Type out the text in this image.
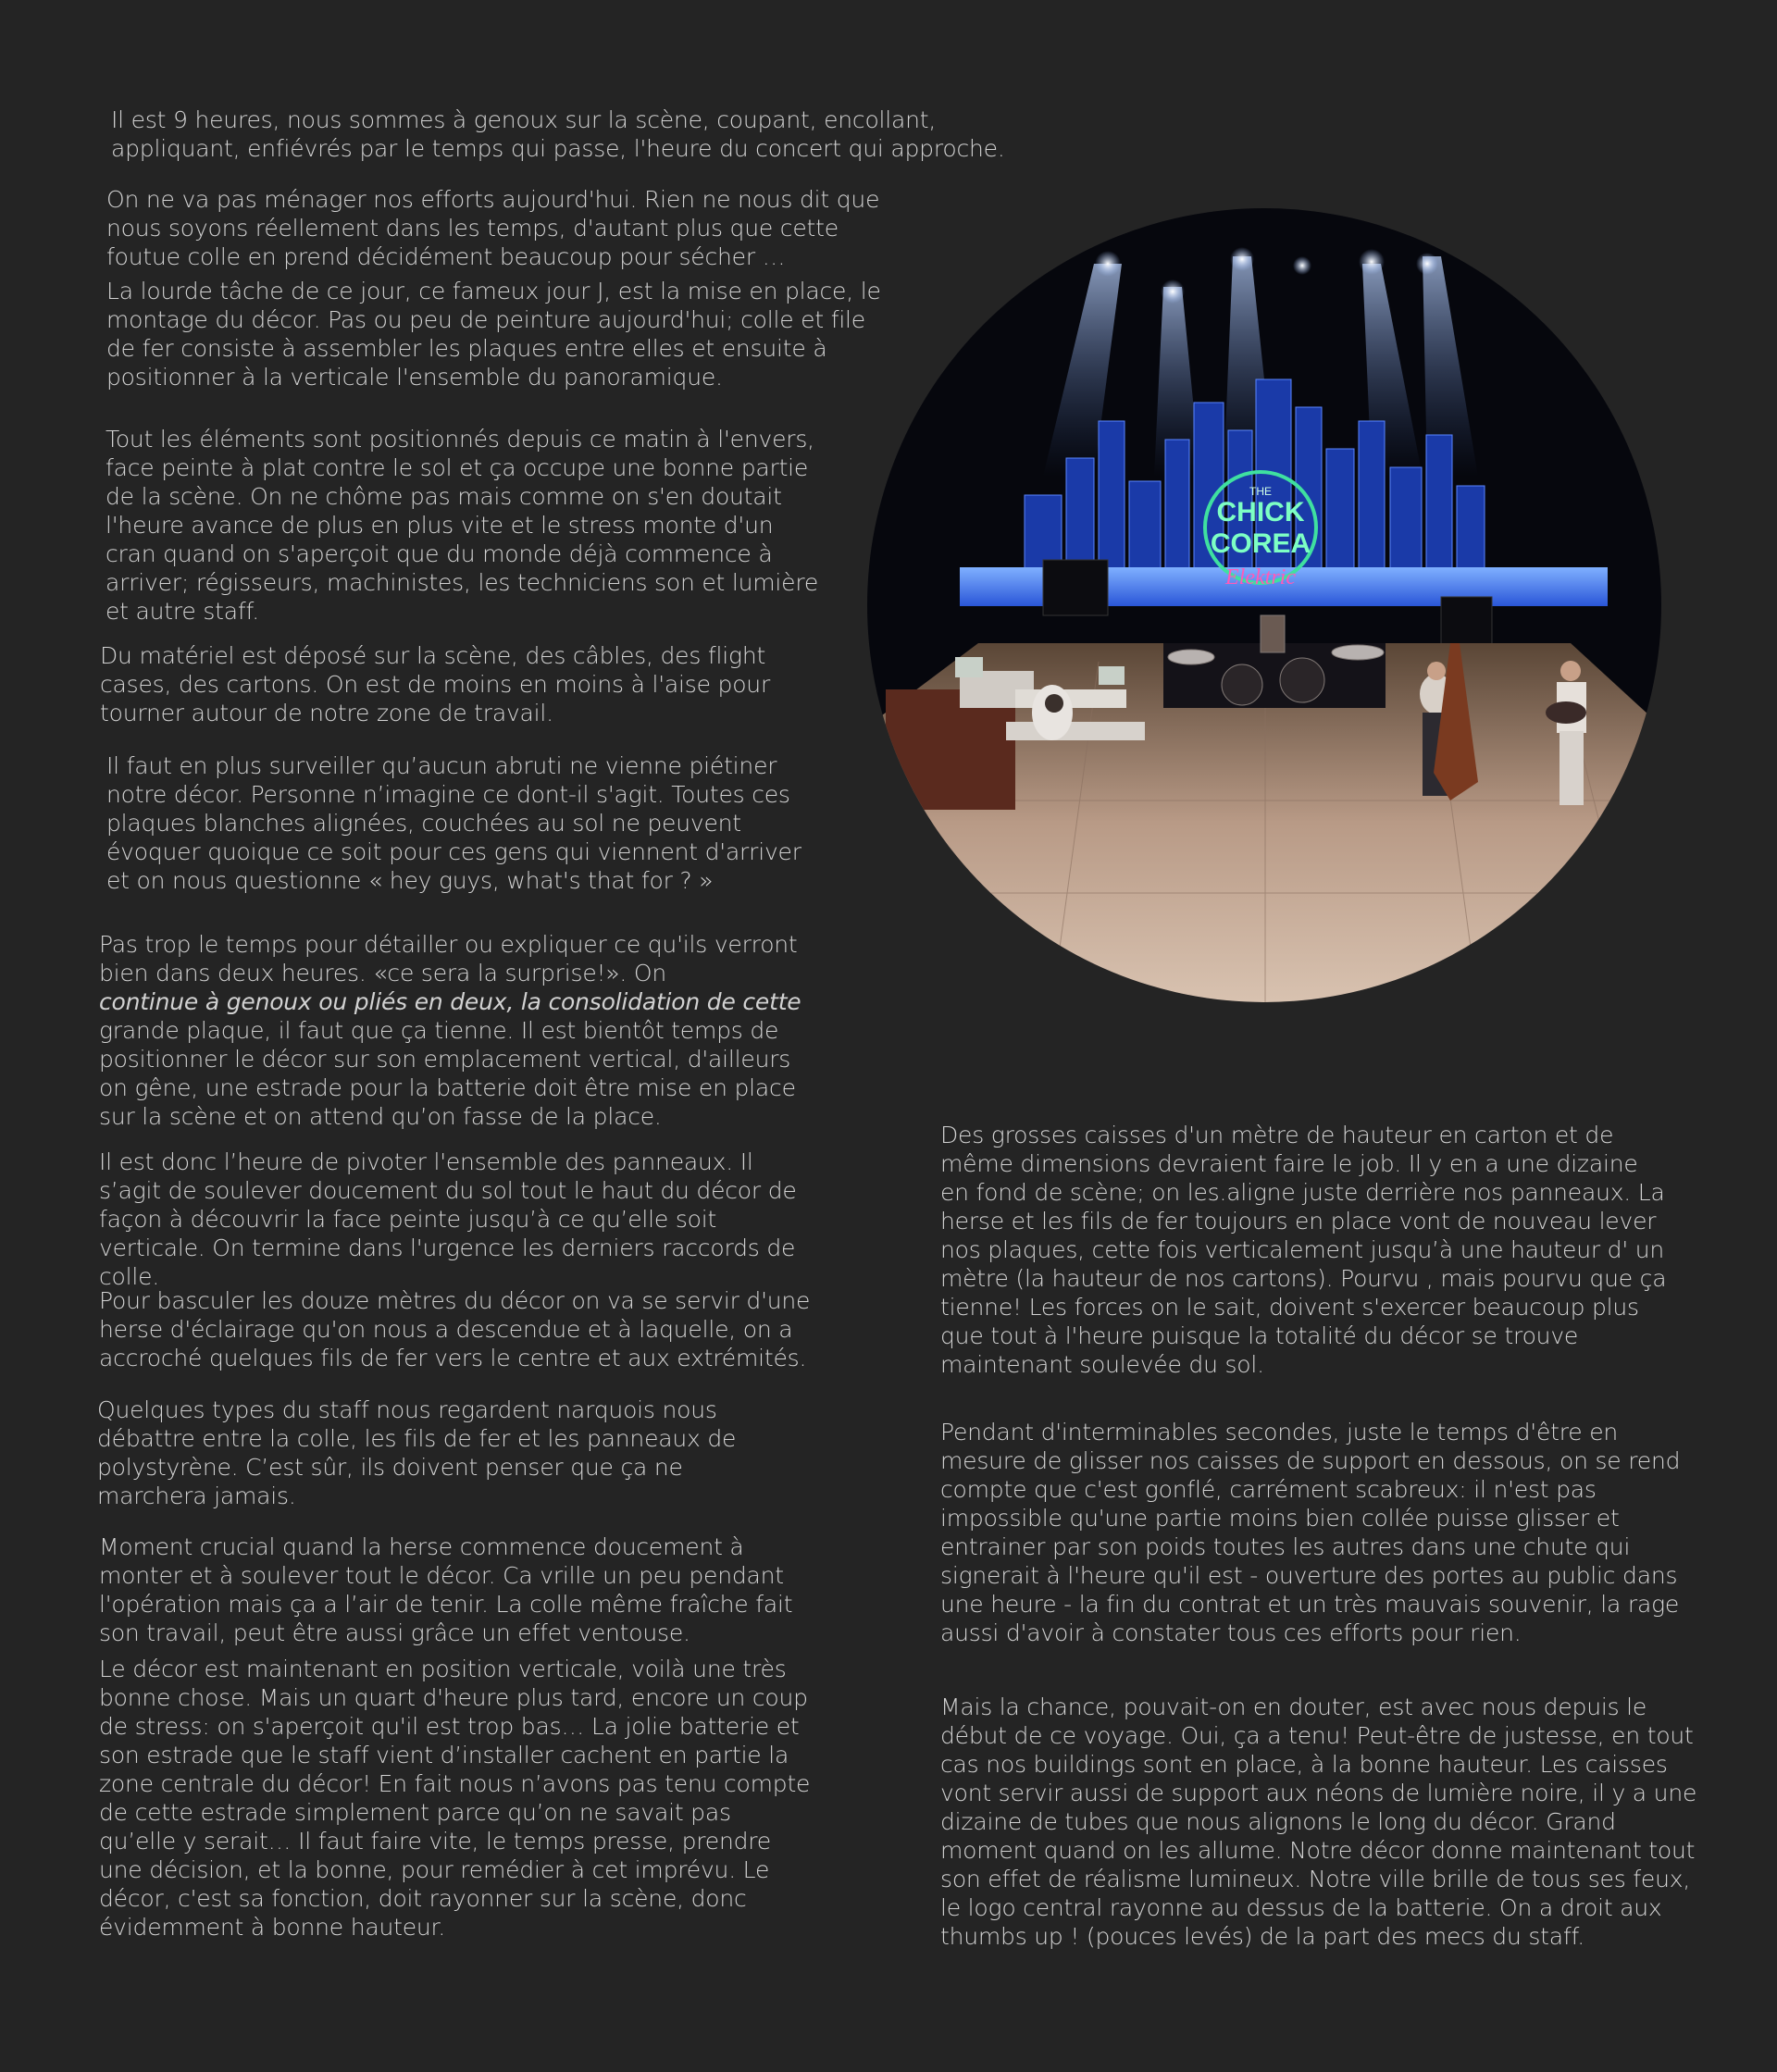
Il est 9 heures, nous sommes à genoux sur la scène, coupant, encollant, appliquant, enfiévrés par le temps qui passe, l'heure du concert qui approche.

On ne va pas ménager nos efforts aujourd'hui. Rien ne nous dit que nous soyons réellement dans les temps, d'autant plus que cette foutue colle en prend décidément beaucoup pour sécher …

La lourde tâche de ce jour, ce fameux jour J, est la mise en place, le montage du décor. Pas ou peu de peinture aujourd'hui; colle et file de fer consiste à assembler les plaques entre elles et ensuite à positionner à la verticale l'ensemble du panoramique.

Tout les éléments sont positionnés depuis ce matin à l'envers, face peinte à plat contre le sol et ça occupe une bonne partie de la scène. On ne chôme pas mais comme on s'en doutait l'heure avance de plus en plus vite et le stress monte d'un cran quand on s'aperçoit que du monde déjà commence à arriver; régisseurs, machinistes, les techniciens son et lumière et autre staff.

Du matériel est déposé sur la scène, des câbles, des flight cases, des cartons. On est de moins en moins à l'aise pour tourner autour de notre zone de travail.

Il faut en plus surveiller qu’aucun abruti ne vienne piétiner notre décor. Personne n’imagine ce dont-il s'agit. Toutes ces plaques blanches alignées, couchées au sol ne peuvent évoquer quoique ce soit pour ces gens qui viennent d'arriver et on nous questionne « hey guys, what's that for ? »

Pas trop le temps pour détailler ou expliquer ce qu'ils verront bien dans deux heures. «ce sera la surprise!». On
continue à genoux ou pliés en deux, la consolidation de cette
grande plaque, il faut que ça tienne. Il est bientôt temps de positionner le décor sur son emplacement vertical, d'ailleurs on gêne, une estrade pour la batterie doit être mise en place sur la scène et on attend qu’on fasse de la place.

Il est donc l’heure de pivoter l'ensemble des panneaux. Il s’agit de soulever doucement du sol tout le haut du décor de façon à découvrir la face peinte jusqu’à ce qu’elle soit verticale. On termine dans l'urgence les derniers raccords de colle.

Pour basculer les douze mètres du décor on va se servir d'une herse d'éclairage qu'on nous a descendue et à laquelle, on a accroché quelques fils de fer vers le centre et aux extrémités.

Quelques types du staff nous regardent narquois nous débattre entre la colle, les fils de fer et les panneaux de polystyrène. C’est sûr, ils doivent penser que ça ne marchera jamais.

Moment crucial quand la herse commence doucement à monter et à soulever tout le décor. Ca vrille un peu pendant l'opération mais ça a l’air de tenir. La colle même fraîche fait son travail, peut être aussi grâce un effet ventouse.

Le décor est maintenant en position verticale, voilà une très bonne chose. Mais un quart d'heure plus tard, encore un coup de stress: on s'aperçoit qu'il est trop bas… La jolie batterie et son estrade que le staff vient d’installer cachent en partie la zone centrale du décor! En fait nous n’avons pas tenu compte de cette estrade simplement parce qu’on ne savait pas qu’elle y serait… Il faut faire vite, le temps presse, prendre une décision, et la bonne, pour remédier à cet imprévu. Le décor, c'est sa fonction, doit rayonner sur la scène, donc évidemment à bonne hauteur.

Des grosses caisses d'un mètre de hauteur en carton et de même dimensions devraient faire le job. Il y en a une dizaine en fond de scène; on les.aligne juste derrière nos panneaux. La herse et les fils de fer toujours en place vont de nouveau lever nos plaques, cette fois verticalement jusqu’à une hauteur d' un mètre (la hauteur de nos cartons). Pourvu , mais pourvu que ça tienne! Les forces on le sait, doivent s'exercer beaucoup plus que tout à l'heure puisque la totalité du décor se trouve maintenant soulevée du sol.

Pendant d'interminables secondes, juste le temps d'être en mesure de glisser nos caisses de support en dessous, on se rend compte que c'est gonflé, carrément scabreux: il n'est pas impossible qu'une partie moins bien collée puisse glisser et entrainer par son poids toutes les autres dans une chute qui signerait à l'heure qu'il est - ouverture des portes au public dans une heure - la fin du contrat et un très mauvais souvenir, la rage aussi d'avoir à constater tous ces efforts pour rien.

Mais la chance, pouvait-on en douter, est avec nous depuis le début de ce voyage. Oui, ça a tenu! Peut-être de justesse, en tout cas nos buildings sont en place, à la bonne hauteur. Les caisses vont servir aussi de support aux néons de lumière noire, il y a une dizaine de tubes que nous alignons le long du décor. Grand moment quand on les allume. Notre décor donne maintenant tout son effet de réalisme lumineux. Notre ville brille de tous ses feux, le logo central rayonne au dessus de la batterie. On a droit aux thumbs up ! (pouces levés) de la part des mecs du staff.

THE
CHICK
COREA
Elektric
